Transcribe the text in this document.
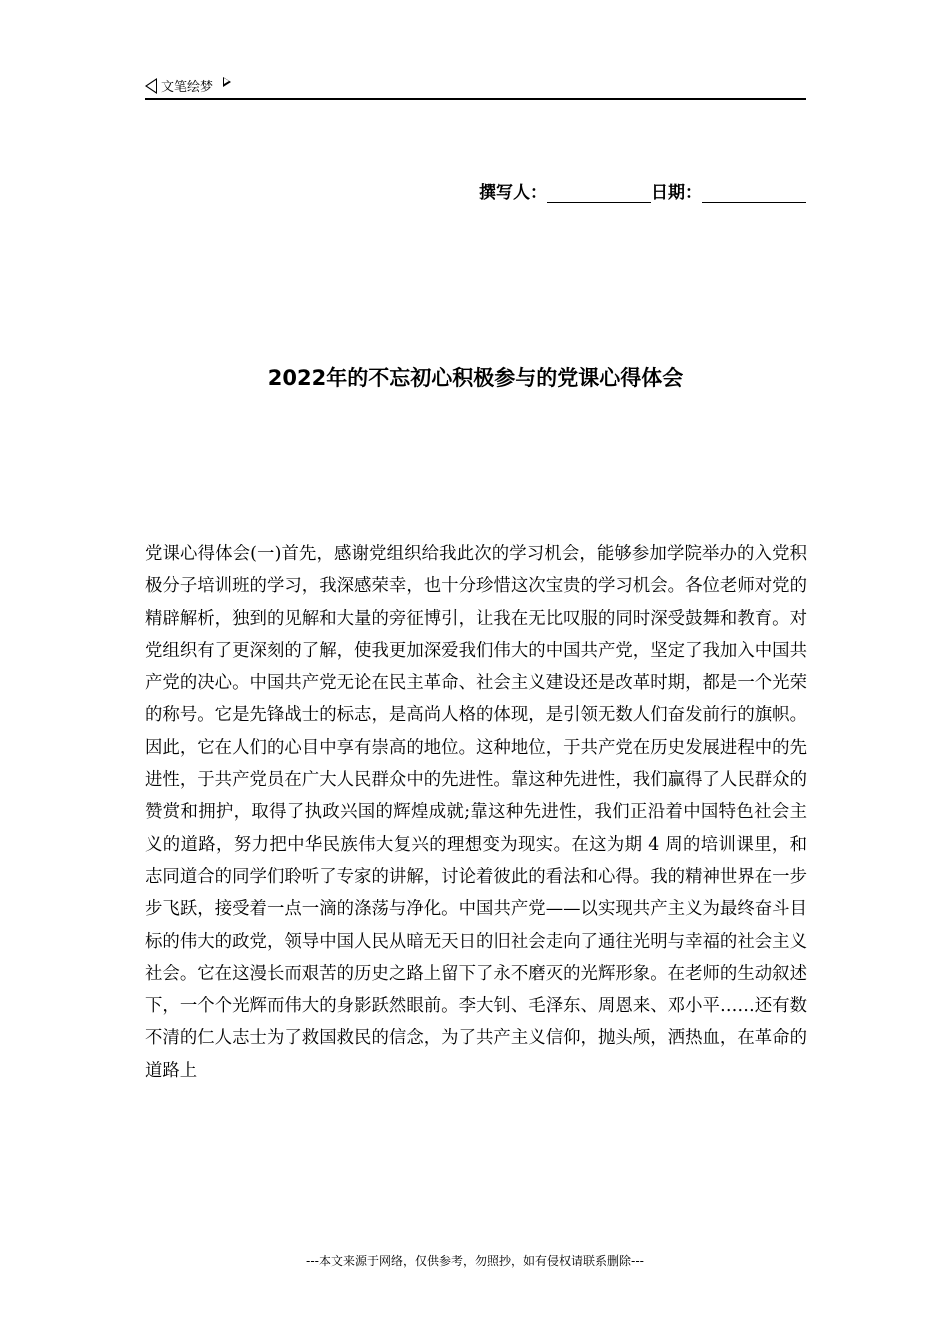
文笔绘梦
撰写人：	日期：
2022年的不忘初心积极参与的党课心得体会

党课心得体会(一)首先，感谢党组织给我此次的学习机会，能够参加学院举办的入党积极分子培训班的学习，我深感荣幸，也十分珍惜这次宝贵的学习机会。各位老师对党的精辟解析，独到的见解和大量的旁征博引，让我在无比叹服的同时深受鼓舞和教育。对党组织有了更深刻的了解，使我更加深爱我们伟大的中国共产党，坚定了我加入中国共产党的决心。中国共产党无论在民主革命、社会主义建设还是改革时期，都是一个光荣的称号。它是先锋战士的标志，是高尚人格的体现，是引领无数人们奋发前行的旗帜。因此，它在人们的心目中享有崇高的地位。这种地位，于共产党在历史发展进程中的先进性，于共产党员在广大人民群众中的先进性。靠这种先进性，我们赢得了人民群众的赞赏和拥护，取得了执政兴国的辉煌成就;靠这种先进性，我们正沿着中国特色社会主义的道路，努力把中华民族伟大复兴的理想变为现实。在这为期 4 周的培训课里，和志同道合的同学们聆听了专家的讲解，讨论着彼此的看法和心得。我的精神世界在一步步飞跃，接受着一点一滴的涤荡与净化。中国共产党——以实现共产主义为最终奋斗目标的伟大的政党，领导中国人民从暗无天日的旧社会走向了通往光明与幸福的社会主义社会。它在这漫长而艰苦的历史之路上留下了永不磨灭的光辉形象。在老师的生动叙述下，一个个光辉而伟大的身影跃然眼前。李大钊、毛泽东、周恩来、邓小平……还有数不清的仁人志士为了救国救民的信念，为了共产主义信仰，抛头颅，洒热血，在革命的道路上

---本文来源于网络，仅供参考，勿照抄，如有侵权请联系删除---
